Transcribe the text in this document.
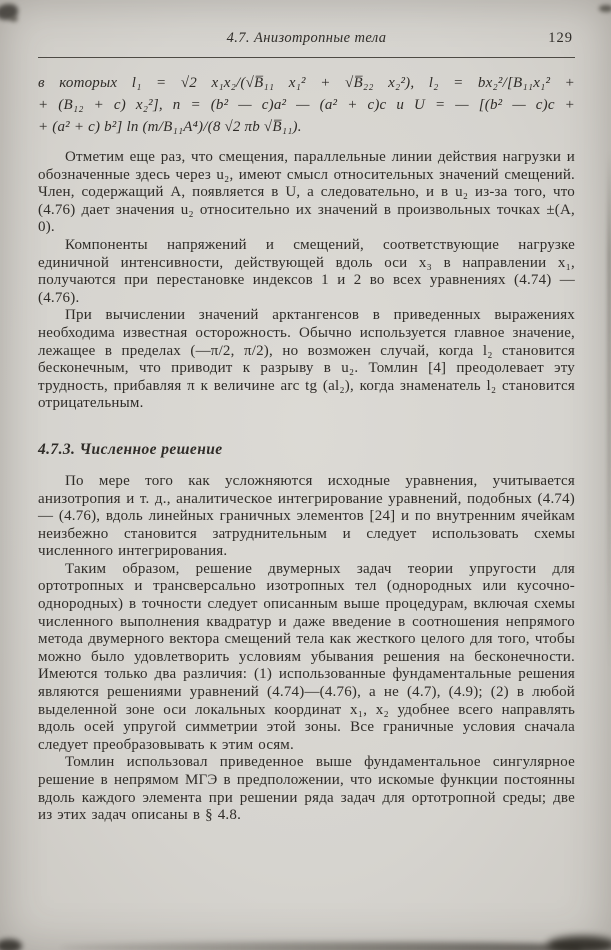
4.7. Анизотропные тела	129
в которых l₁ = √2 x₁x₂/(√B̅₁₁ x₁² + √B̅₂₂ x₂²), l₂ = bx₂²/[B₁₁x₁² +
+ (B₁₂ + c) x₂²], n = (b² — c)a² — (a² + c)c и U = — [(b² — c)c +
+ (a² + c) b²] ln (m/B₁₁A⁴)/(8 √2 πb √B̅₁₁).

Отметим еще раз, что смещения, параллельные линии действия нагрузки и обозначенные здесь через u₂, имеют смысл относительных значений смещений. Член, содержащий A, появляется в U, а следовательно, и в u₂ из-за того, что (4.76) дает значения u₂ относительно их значений в произвольных точках ±(A, 0).

Компоненты напряжений и смещений, соответствующие нагрузке единичной интенсивности, действующей вдоль оси x₃ в направлении x₁, получаются при перестановке индексов 1 и 2 во всех уравнениях (4.74) — (4.76).

При вычислении значений арктангенсов в приведенных выражениях необходима известная осторожность. Обычно используется главное значение, лежащее в пределах (—π/2, π/2), но возможен случай, когда l₂ становится бесконечным, что приводит к разрыву в u₂. Томлин [4] преодолевает эту трудность, прибавляя π к величине arc tg (al₂), когда знаменатель l₂ становится отрицательным.

4.7.3. Численное решение

По мере того как усложняются исходные уравнения, учитывается анизотропия и т. д., аналитическое интегрирование уравнений, подобных (4.74) — (4.76), вдоль линейных граничных элементов [24] и по внутренним ячейкам неизбежно становится затруднительным и следует использовать схемы численного интегрирования.

Таким образом, решение двумерных задач теории упругости для ортотропных и трансверсально изотропных тел (однородных или кусочно-однородных) в точности следует описанным выше процедурам, включая схемы численного выполнения квадратур и даже введение в соотношения непрямого метода двумерного вектора смещений тела как жесткого целого для того, чтобы можно было удовлетворить условиям убывания решения на бесконечности. Имеются только два различия: (1) использованные фундаментальные решения являются решениями уравнений (4.74)—(4.76), а не (4.7), (4.9); (2) в любой выделенной зоне оси локальных координат x₁, x₂ удобнее всего направлять вдоль осей упругой симметрии этой зоны. Все граничные условия сначала следует преобразовывать к этим осям.

Томлин использовал приведенное выше фундаментальное сингулярное решение в непрямом МГЭ в предположении, что искомые функции постоянны вдоль каждого элемента при решении ряда задач для ортотропной среды; две из этих задач описаны в § 4.8.
